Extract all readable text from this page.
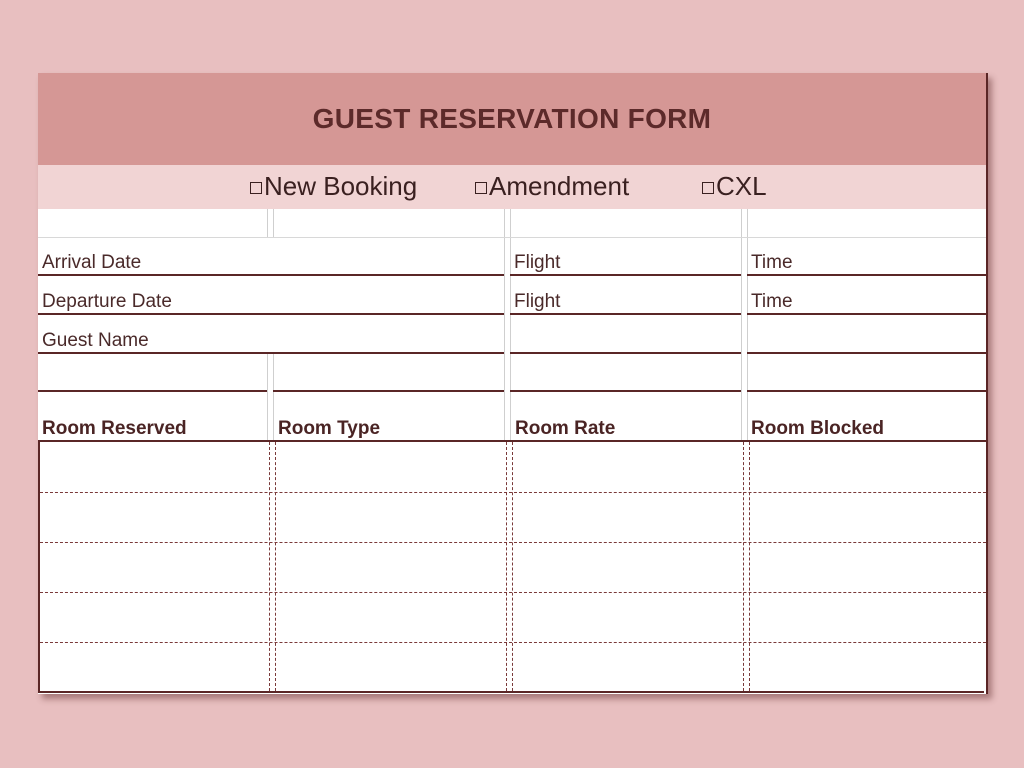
GUEST RESERVATION FORM
New Booking	Amendment	CXL
Arrival Date	Flight	Time
Departure Date	Flight	Time
Guest Name
Room Reserved	Room Type	Room Rate	Room Blocked
